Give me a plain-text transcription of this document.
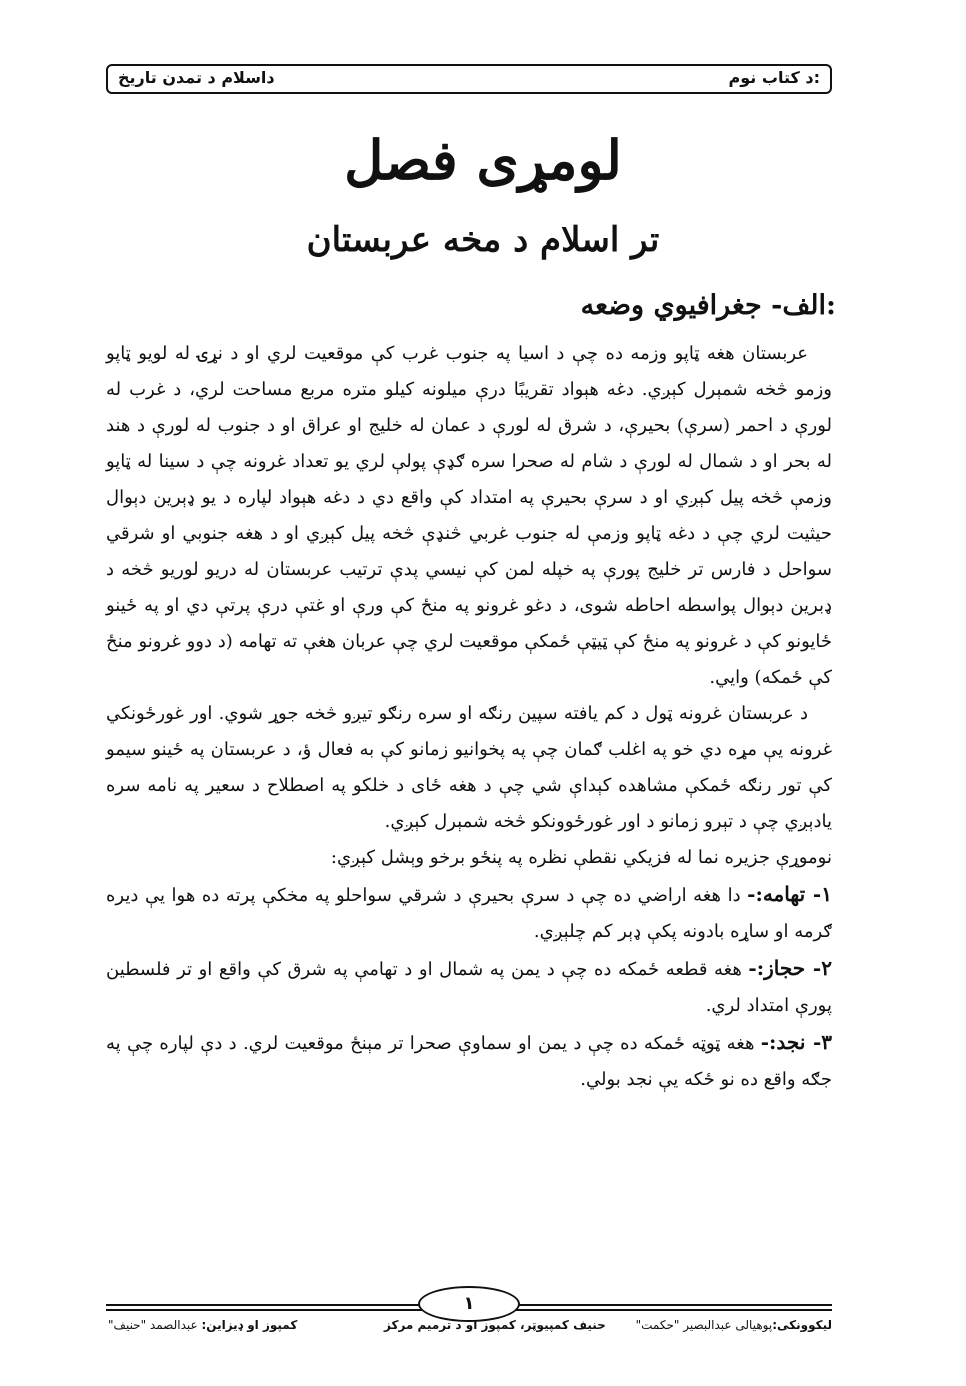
د کتاب نوم:
داسلام د تمدن تاریخ
لومړی فصل
تر اسلام د مخه عربستان
الف- جغرافیوي وضعه:

عربستان هغه ټاپو وزمه ده چې د اسیا په جنوب غرب کې موقعیت لري او د نړۍ له لویو ټاپو وزمو څخه شمېرل کېږي. دغه هېواد تقریبًا درې میلونه کیلو متره مربع مساحت لري، د غرب له لورې د احمر (سرې) بحیرې، د شرق له لورې د عمان له خلیج او عراق او د جنوب له لورې د هند له بحر او د شمال له لورې د شام له صحرا سره ګډې پولې لري یو تعداد غرونه چې د سینا له ټاپو وزمې څخه پیل کېږي او د سرې بحیرې په امتداد کې واقع دي د دغه هېواد لپاره د یو ډېرین دېوال حیثیت لري چې د دغه ټاپو وزمې له جنوب غربي څنډې څخه پیل کېږي او د هغه جنوبي او شرقي سواحل د فارس تر خلیج پورې په خپله لمن کې نیسي پدې ترتیب عربستان له دریو لوریو څخه د ډبرین دېوال پواسطه احاطه شوی، د دغو غرونو په منځ کې ورې او غتې درې پرتې دي او په ځینو ځایونو کې د غرونو په منځ کې ټیټې ځمکې موقعیت لري چې عربان هغې ته تهامه (د دوو غرونو منځ کې ځمکه) وايي.

د عربستان غرونه ټول د کم یافته سپین رنګه او سره رنګو تیږو څخه جوړ شوي. اور غورځونکي غرونه یې مړه دي خو په اغلب ګمان چې په پخوانیو زمانو کې به فعال ؤ، د عربستان په ځینو سیمو کې تور رنګه ځمکې مشاهده کېداې شي چې د هغه ځای د خلکو په اصطلاح د سعیر په نامه سره یادېږي چې د تېرو زمانو د اور غورځوونکو څخه شمېرل کېږي.

نوموړې جزیره نما له فزیکي نقطې نظره په پنځو برخو وېشل کېږي:

۱- تهامه:- دا هغه اراضي ده چې د سرې بحیرې د شرقي سواحلو په مخکې پرته ده هوا یې دیره ګرمه او ساړه بادونه پکې ډېر کم چلېږي.

۲- حجاز:- هغه قطعه ځمکه ده چې د یمن په شمال او د تهامې په شرق کې واقع او تر فلسطین پورې امتداد لري.

۳- نجد:- هغه ټوټه ځمکه ده چې د یمن او سماوې صحرا تر مېنځ موقعیت لري. د دې لپاره چې په جګه واقع ده نو ځکه یې نجد بولي.

۱
لیکوونکی:پوهیالی عبدالبصیر "حکمت"
حنیف کمپیوټر، کمپوز او د ترمیم مرکز
کمپوز او ډیزاین: عبدالصمد "حنیف"
